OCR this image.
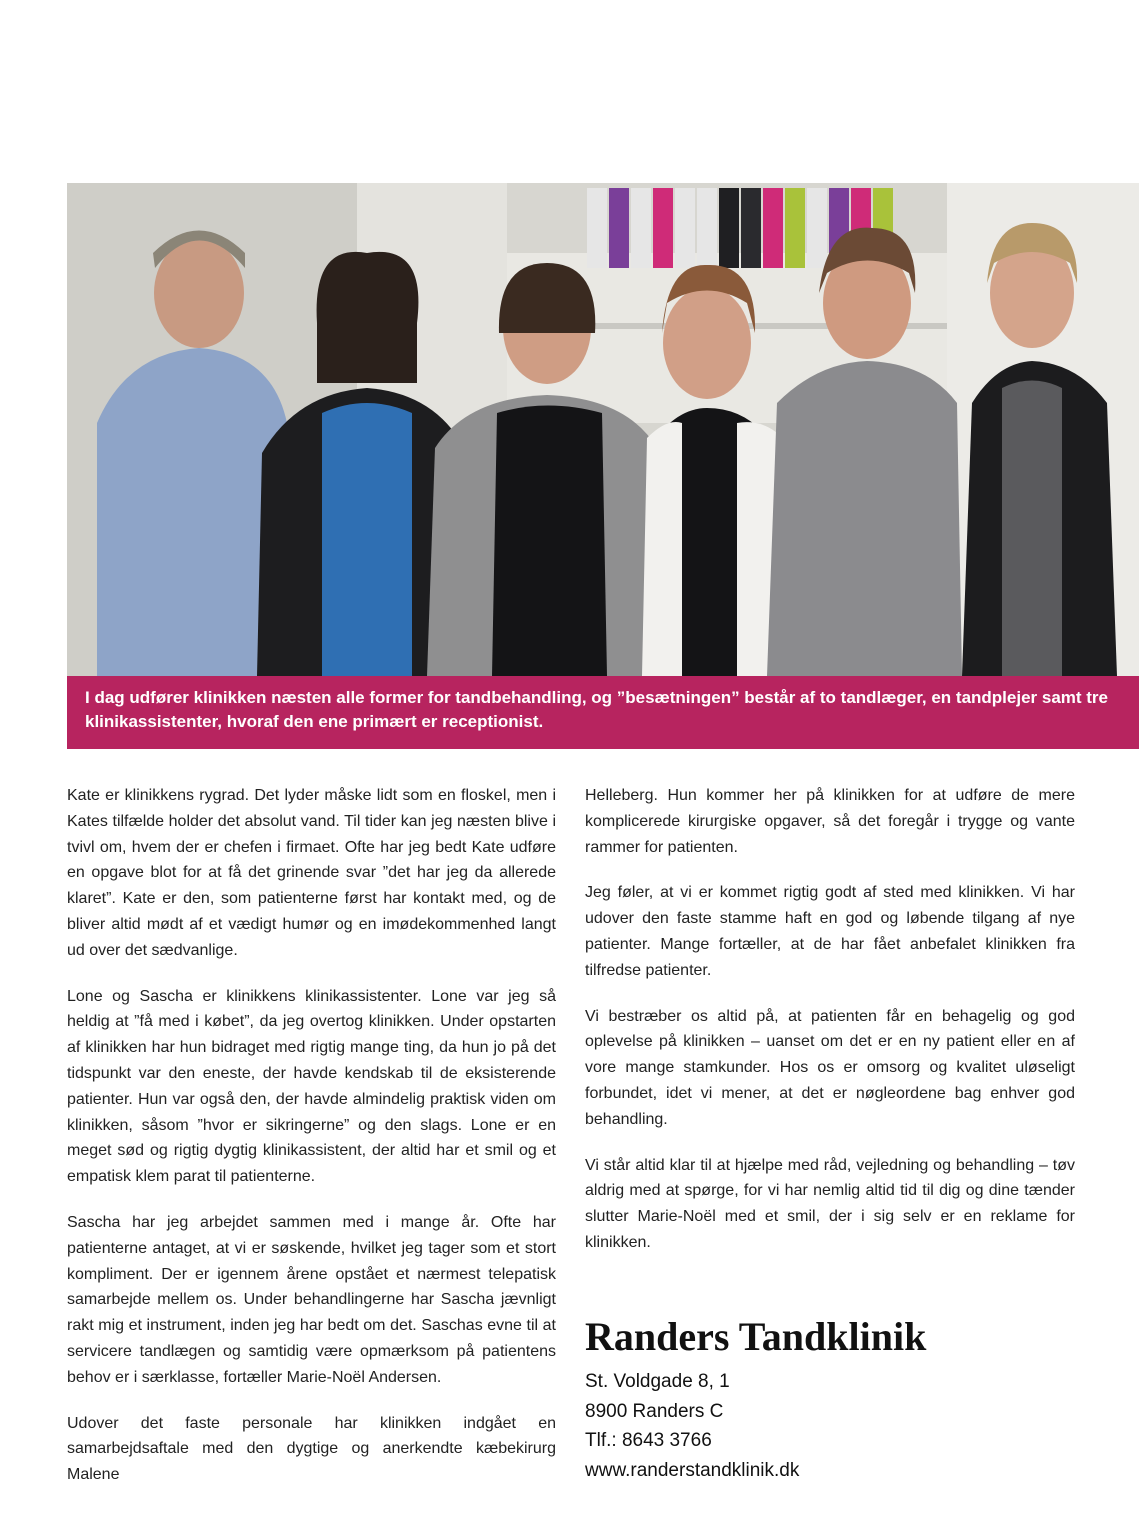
I dag udfører klinikken næsten alle former for tandbehandling, og ”besætningen” består af to tandlæger, en tandplejer samt tre klinikassistenter, hvoraf den ene primært er receptionist.

Kate er klinikkens rygrad. Det lyder måske lidt som en floskel, men i Kates tilfælde holder det absolut vand. Til tider kan jeg næsten blive i tvivl om, hvem der er chefen i firmaet. Ofte har jeg bedt Kate udføre en opgave blot for at få det grinende svar ”det har jeg da allerede klaret”. Kate er den, som patienterne først har kontakt med, og de bliver altid mødt af et vædigt humør og en imødekommenhed langt ud over det sædvanlige.

Lone og Sascha er klinikkens klinikassistenter. Lone var jeg så heldig at ”få med i købet”, da jeg overtog klinikken. Under opstarten af klinikken har hun bidraget med rigtig mange ting, da hun jo på det tidspunkt var den eneste, der havde kendskab til de eksisterende patienter. Hun var også den, der havde almindelig praktisk viden om klinikken, såsom ”hvor er sikringerne” og den slags. Lone er en meget sød og rigtig dygtig klinikassistent, der altid har et smil og et empatisk klem parat til patienterne.

Sascha har jeg arbejdet sammen med i mange år. Ofte har patienterne antaget, at vi er søskende, hvilket jeg tager som et stort kompliment. Der er igennem årene opstået et nærmest telepatisk samarbejde mellem os. Under behandlingerne har Sascha jævnligt rakt mig et instrument, inden jeg har bedt om det. Saschas evne til at servicere tandlægen og samtidig være opmærksom på patientens behov er i særklasse, fortæller Marie-Noël Andersen.

Udover det faste personale har klinikken indgået en samarbejdsaftale med den dygtige og anerkendte kæbekirurg Malene

Helleberg. Hun kommer her på klinikken for at udføre de mere komplicerede kirurgiske opgaver, så det foregår i trygge og vante rammer for patienten.

Jeg føler, at vi er kommet rigtig godt af sted med klinikken. Vi har udover den faste stamme haft en god og løbende tilgang af nye patienter. Mange fortæller, at de har fået anbefalet klinikken fra tilfredse patienter.

Vi bestræber os altid på, at patienten får en behagelig og god oplevelse på klinikken – uanset om det er en ny patient eller en af vore mange stamkunder. Hos os er omsorg og kvalitet uløseligt forbundet, idet vi mener, at det er nøgleordene bag enhver god behandling.

Vi står altid klar til at hjælpe med råd, vejledning og behandling – tøv aldrig med at spørge, for vi har nemlig altid tid til dig og dine tænder slutter Marie-Noël med et smil, der i sig selv er en reklame for klinikken.

Randers Tandklinik
St. Voldgade 8, 1
8900 Randers C
Tlf.: 8643 3766
www.randerstandklinik.dk
